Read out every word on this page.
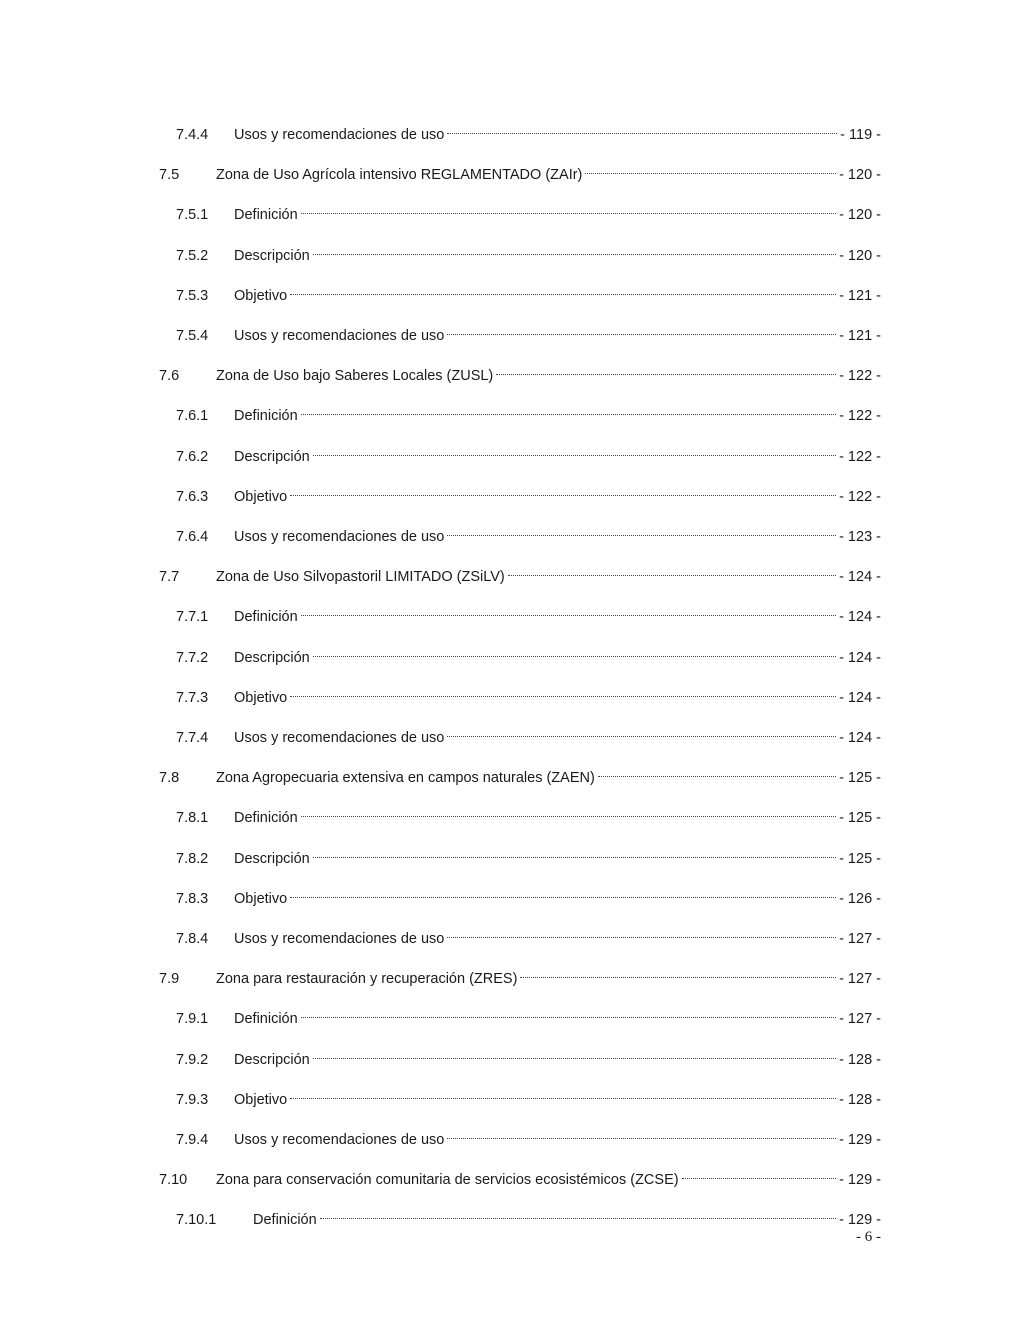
7.4.4	Usos y recomendaciones de uso	- 119 -
7.5	Zona de Uso Agrícola intensivo REGLAMENTADO (ZAIr)	- 120 -
7.5.1	Definición	- 120 -
7.5.2	Descripción	- 120 -
7.5.3	Objetivo	- 121 -
7.5.4	Usos y recomendaciones de uso	- 121 -
7.6	Zona de Uso bajo Saberes Locales (ZUSL)	- 122 -
7.6.1	Definición	- 122 -
7.6.2	Descripción	- 122 -
7.6.3	Objetivo	- 122 -
7.6.4	Usos y recomendaciones de uso	- 123 -
7.7	Zona de Uso Silvopastoril LIMITADO (ZSiLV)	- 124 -
7.7.1	Definición	- 124 -
7.7.2	Descripción	- 124 -
7.7.3	Objetivo	- 124 -
7.7.4	Usos y recomendaciones de uso	- 124 -
7.8	Zona Agropecuaria extensiva en campos naturales (ZAEN)	- 125 -
7.8.1	Definición	- 125 -
7.8.2	Descripción	- 125 -
7.8.3	Objetivo	- 126 -
7.8.4	Usos y recomendaciones de uso	- 127 -
7.9	Zona para restauración y recuperación (ZRES)	- 127 -
7.9.1	Definición	- 127 -
7.9.2	Descripción	- 128 -
7.9.3	Objetivo	- 128 -
7.9.4	Usos y recomendaciones de uso	- 129 -
7.10	Zona para conservación comunitaria de servicios ecosistémicos (ZCSE)	- 129 -
7.10.1	Definición	- 129 -
- 6 -
